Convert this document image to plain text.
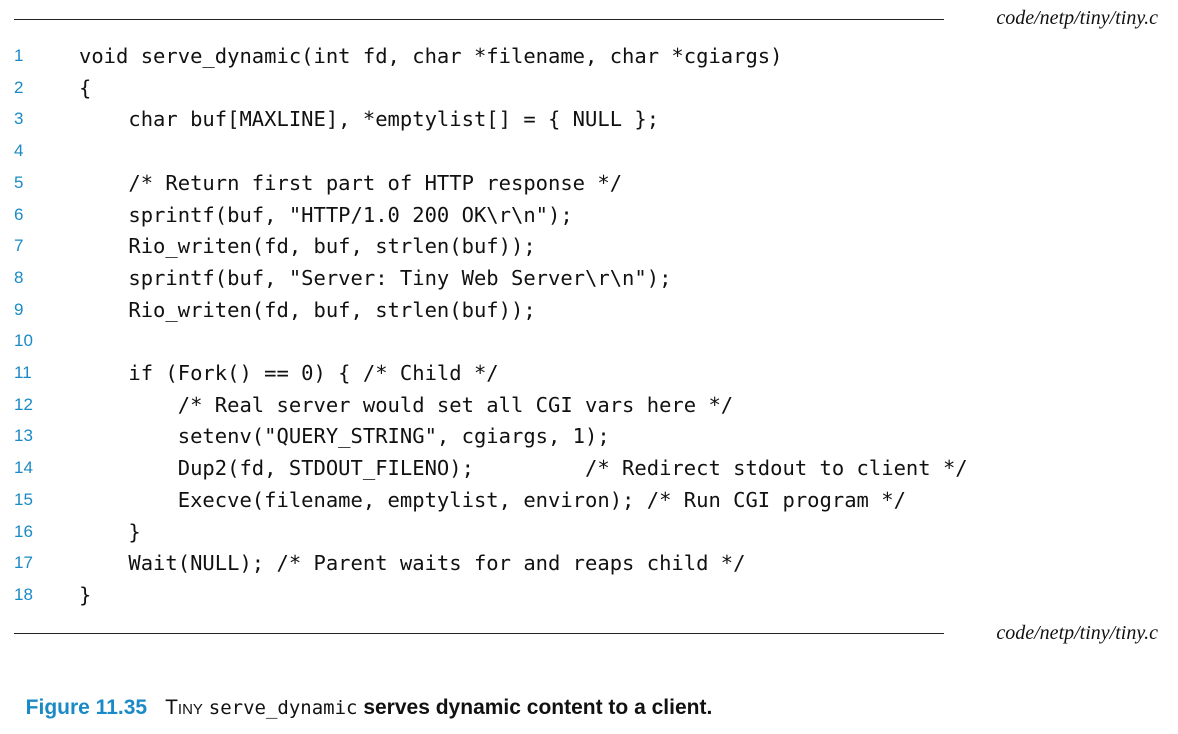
code/netp/tiny/tiny.c
1	void serve_dynamic(int fd, char *filename, char *cgiargs)
2	{
3	char buf[MAXLINE], *emptylist[] = { NULL };
4
5	/* Return first part of HTTP response */
6	sprintf(buf, "HTTP/1.0 200 OK\r\n");
7	Rio_writen(fd, buf, strlen(buf));
8	sprintf(buf, "Server: Tiny Web Server\r\n");
9	Rio_writen(fd, buf, strlen(buf));
10
11	if (Fork() == 0) { /* Child */
12	/* Real server would set all CGI vars here */
13	setenv("QUERY_STRING", cgiargs, 1);
14	Dup2(fd, STDOUT_FILENO);         /* Redirect stdout to client */
15	Execve(filename, emptylist, environ); /* Run CGI program */
16	}
17	Wait(NULL); /* Parent waits for and reaps child */
18	}
code/netp/tiny/tiny.c

Figure 11.35 Tiny serve_dynamic serves dynamic content to a client.
